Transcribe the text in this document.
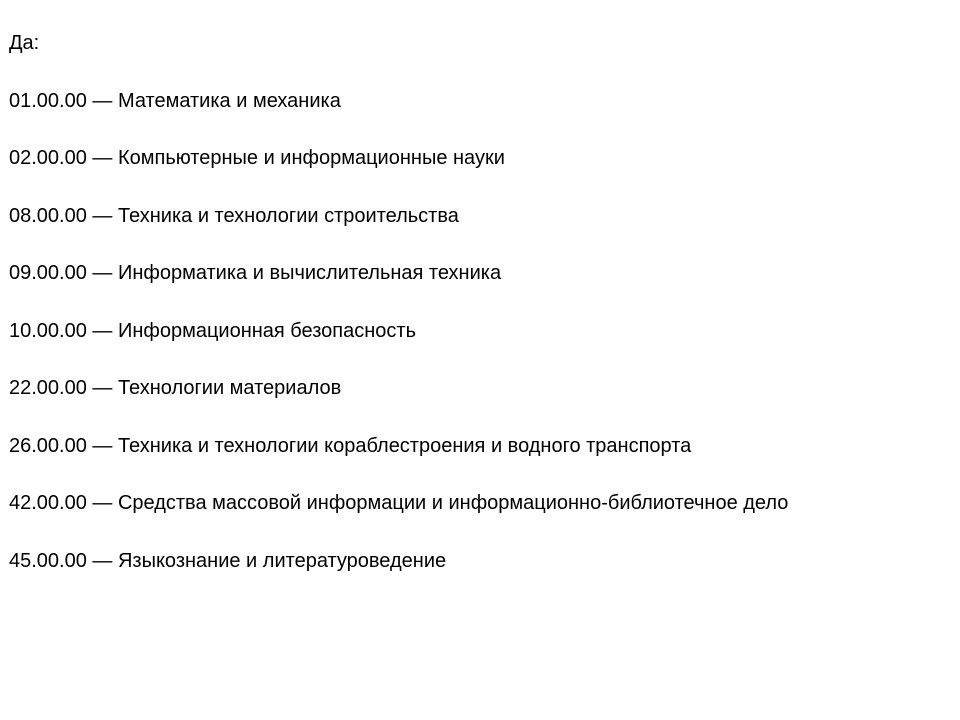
Да:
01.00.00 — Математика и механика
02.00.00 — Компьютерные и информационные науки
08.00.00 — Техника и технологии строительства
09.00.00 — Информатика и вычислительная техника
10.00.00 — Информационная безопасность
22.00.00 — Технологии материалов
26.00.00 — Техника и технологии кораблестроения и водного транспорта
42.00.00 — Средства массовой информации и информационно-библиотечное дело
45.00.00 — Языкознание и литературоведение
